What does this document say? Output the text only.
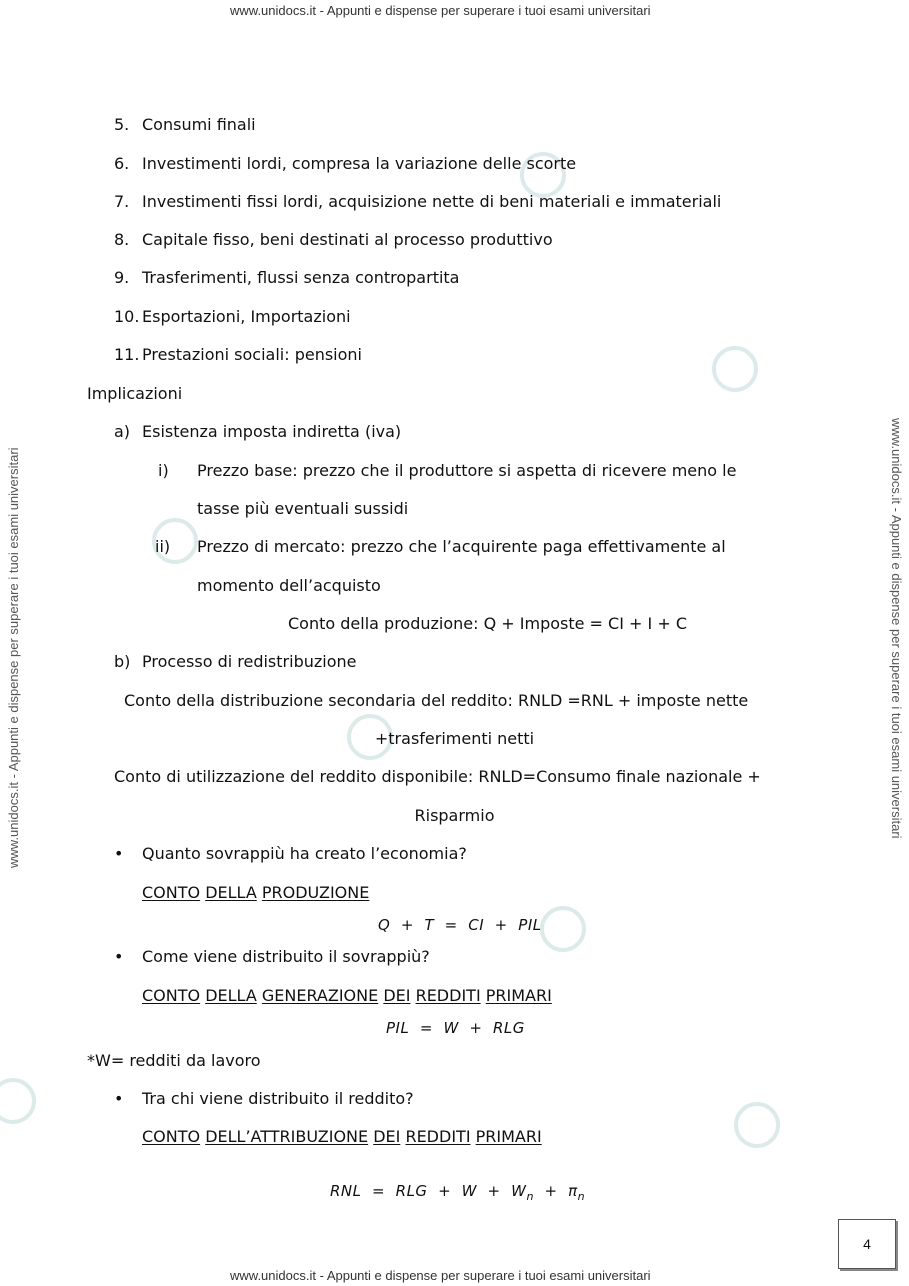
www.unidocs.it - Appunti e dispense per superare i tuoi esami universitari
www.unidocs.it - Appunti e dispense per superare i tuoi esami universitari
www.unidocs.it - Appunti e dispense per superare i tuoi esami universitari	www.unidocs.it - Appunti e dispense per superare i tuoi esami universitari
5. Consumi finali
6. Investimenti lordi, compresa la variazione delle scorte
7. Investimenti fissi lordi, acquisizione nette di beni materiali e immateriali
8. Capitale fisso, beni destinati al processo produttivo
9. Trasferimenti, flussi senza contropartita
10. Esportazioni, Importazioni
11. Prestazioni sociali: pensioni
Implicazioni
a) Esistenza imposta indiretta (iva)
i) Prezzo base: prezzo che il produttore si aspetta di ricevere meno le
tasse più eventuali sussidi
ii) Prezzo di mercato: prezzo che l’acquirente paga effettivamente al
momento dell’acquisto
Conto della produzione: Q + Imposte = CI + I + C
b) Processo di redistribuzione
Conto della distribuzione secondaria del reddito: RNLD =RNL + imposte nette
+trasferimenti netti
Conto di utilizzazione del reddito disponibile: RNLD=Consumo finale nazionale +
Risparmio
• Quanto sovrappiù ha creato l’economia?
CONTO DELLA PRODUZIONE
Q  +  T  =  CI  +  PIL
• Come viene distribuito il sovrappiù?
CONTO DELLA GENERAZIONE DEI REDDITI PRIMARI
PIL  =  W  +  RLG
*W= redditi da lavoro
• Tra chi viene distribuito il reddito?
CONTO DELL’ATTRIBUZIONE DEI REDDITI PRIMARI

RNL  =  RLG  +  $W + W_n + \pi_n$
4
